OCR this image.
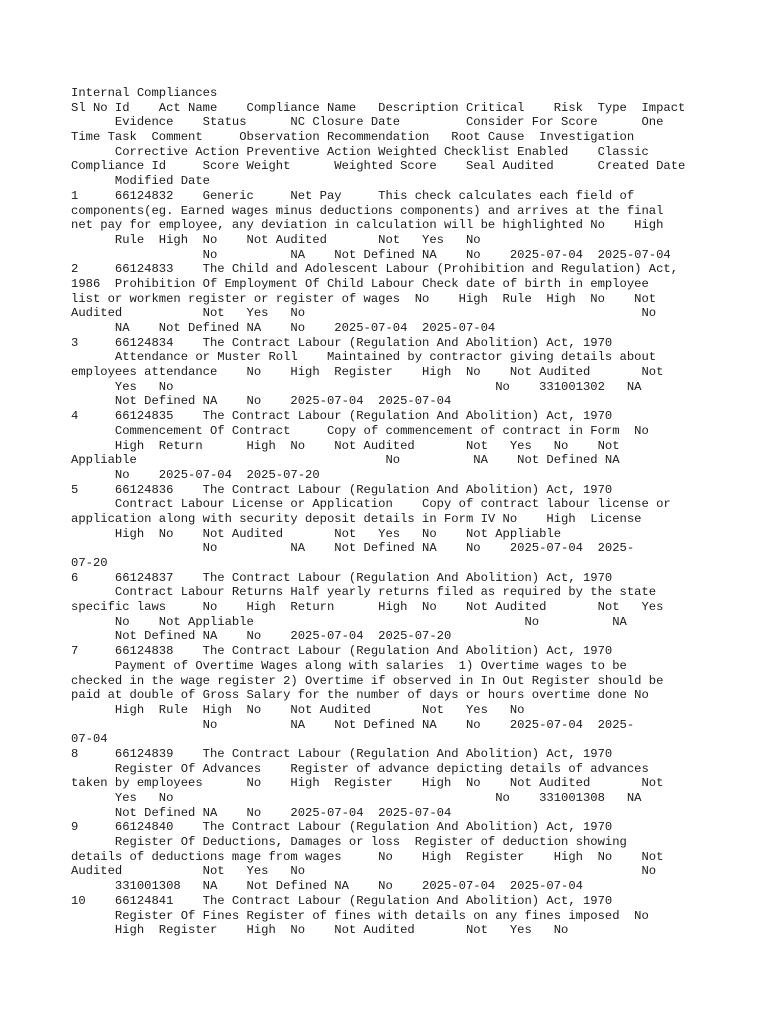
Internal Compliances
Sl No Id    Act Name    Compliance Name   Description Critical    Risk  Type  Impact
Evidence    Status      NC Closure Date         Consider For Score      One
Time Task  Comment     Observation Recommendation   Root Cause  Investigation
Corrective Action Preventive Action Weighted Checklist Enabled    Classic
Compliance Id     Score Weight      Weighted Score    Seal Audited      Created Date
Modified Date
1     66124832    Generic     Net Pay     This check calculates each field of
components(eg. Earned wages minus deductions components) and arrives at the final
net pay for employee, any deviation in calculation will be highlighted No    High
Rule  High  No    Not Audited       Not   Yes   No
No          NA    Not Defined NA    No    2025-07-04  2025-07-04
2     66124833    The Child and Adolescent Labour (Prohibition and Regulation) Act,
1986  Prohibition Of Employment Of Child Labour Check date of birth in employee
list or workmen register or register of wages  No    High  Rule  High  No    Not
Audited           Not   Yes   No                                              No
NA    Not Defined NA    No    2025-07-04  2025-07-04
3     66124834    The Contract Labour (Regulation And Abolition) Act, 1970
Attendance or Muster Roll    Maintained by contractor giving details about
employees attendance    No    High  Register    High  No    Not Audited       Not
Yes   No                                            No    331001302   NA
Not Defined NA    No    2025-07-04  2025-07-04
4     66124835    The Contract Labour (Regulation And Abolition) Act, 1970
Commencement Of Contract     Copy of commencement of contract in Form  No
High  Return      High  No    Not Audited       Not   Yes   No    Not
Appliable                                  No          NA    Not Defined NA
No    2025-07-04  2025-07-20
5     66124836    The Contract Labour (Regulation And Abolition) Act, 1970
Contract Labour License or Application    Copy of contract labour license or
application along with security deposit details in Form IV No    High  License
High  No    Not Audited       Not   Yes   No    Not Appliable
No          NA    Not Defined NA    No    2025-07-04  2025-
07-20
6     66124837    The Contract Labour (Regulation And Abolition) Act, 1970
Contract Labour Returns Half yearly returns filed as required by the state
specific laws     No    High  Return      High  No    Not Audited       Not   Yes
No    Not Appliable                                     No          NA
Not Defined NA    No    2025-07-04  2025-07-20
7     66124838    The Contract Labour (Regulation And Abolition) Act, 1970
Payment of Overtime Wages along with salaries  1) Overtime wages to be
checked in the wage register 2) Overtime if observed in In Out Register should be
paid at double of Gross Salary for the number of days or hours overtime done No
High  Rule  High  No    Not Audited       Not   Yes   No
No          NA    Not Defined NA    No    2025-07-04  2025-
07-04
8     66124839    The Contract Labour (Regulation And Abolition) Act, 1970
Register Of Advances    Register of advance depicting details of advances
taken by employees      No    High  Register    High  No    Not Audited       Not
Yes   No                                            No    331001308   NA
Not Defined NA    No    2025-07-04  2025-07-04
9     66124840    The Contract Labour (Regulation And Abolition) Act, 1970
Register Of Deductions, Damages or loss  Register of deduction showing
details of deductions mage from wages     No    High  Register    High  No    Not
Audited           Not   Yes   No                                              No
331001308   NA    Not Defined NA    No    2025-07-04  2025-07-04
10    66124841    The Contract Labour (Regulation And Abolition) Act, 1970
Register Of Fines Register of fines with details on any fines imposed  No
High  Register    High  No    Not Audited       Not   Yes   No
